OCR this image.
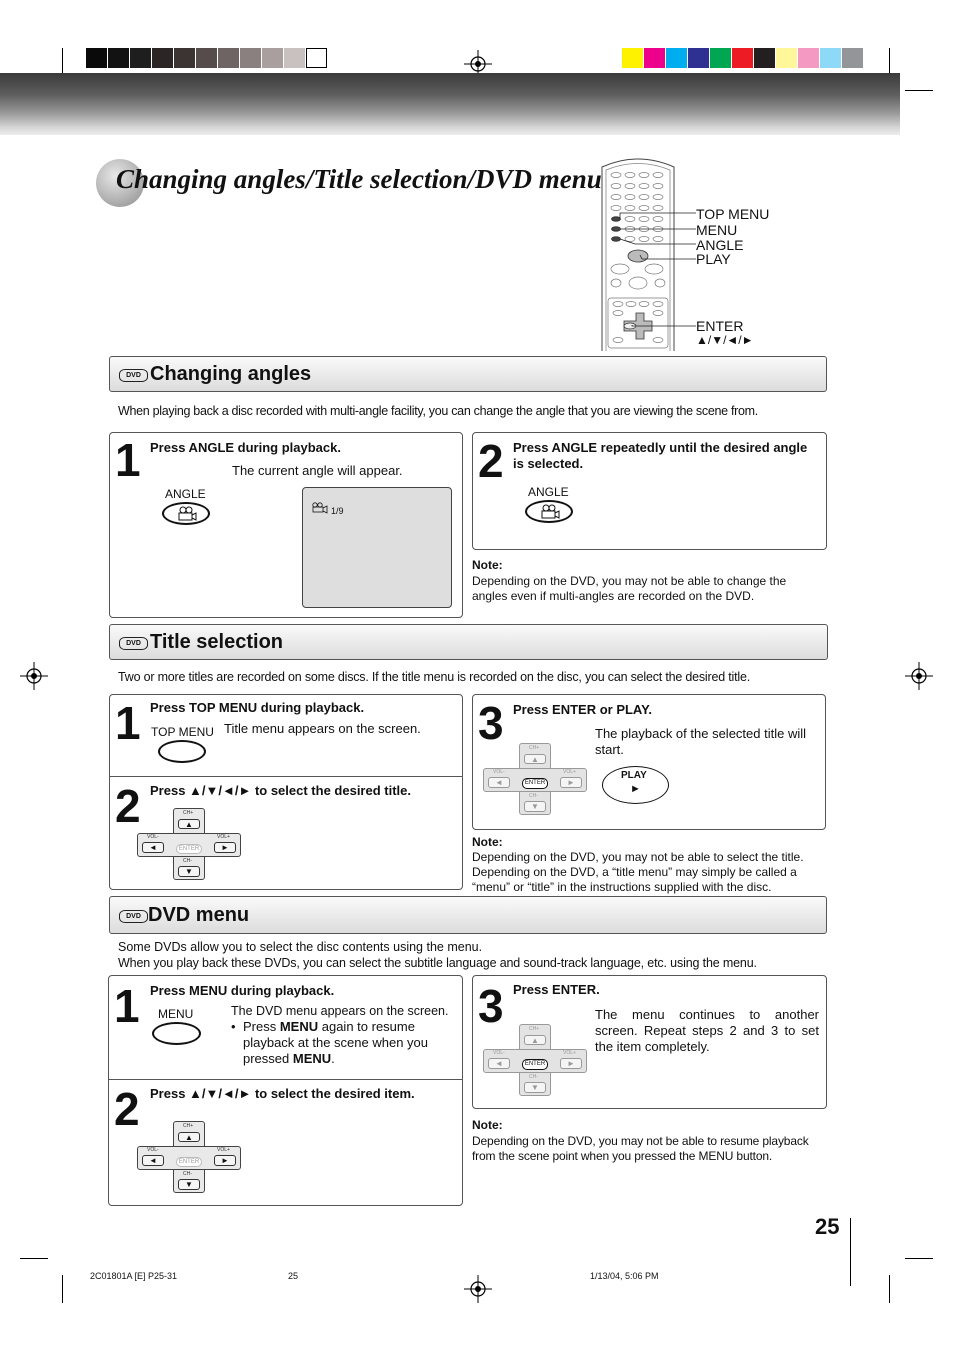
Changing angles/Title selection/DVD menu
TOP MENU
MENU
ANGLE
PLAY
ENTER
▲/▼/◄/►
DVD Changing angles
When playing back a disc recorded with multi-angle facility, you can change the angle that you are viewing the scene from.
1 Press ANGLE during playback.
The current angle will appear.
ANGLE
1/9
2 Press ANGLE repeatedly until the desired angle is selected.
ANGLE
Note:
Depending on the DVD, you may not be able to change the angles even if multi-angles are recorded on the DVD.
DVD Title selection
Two or more titles are recorded on some discs. If the title menu is recorded on the disc, you can select the desired title.
1 Press TOP MENU during playback.
TOP MENU Title menu appears on the screen.
2 Press ▲/▼/◄/► to select the desired title.
CH+
▲
VOL-
◄
VOL+
►
ENTER
CH-
▼
3 Press ENTER or PLAY.
The playback of the selected title will start.
CH+
▲
VOL-
◄
VOL+
►
ENTER
CH-
▼
PLAY
►
Note:
Depending on the DVD, you may not be able to select the title. Depending on the DVD, a “title menu” may simply be called a “menu” or “title” in the instructions supplied with the disc.
DVD DVD menu
Some DVDs allow you to select the disc contents using the menu.
When you play back these DVDs, you can select the subtitle language and sound-track language, etc. using the menu.
1 Press MENU during playback.
MENU	The DVD menu appears on the screen.
• Press MENU again to resume playback at the scene when you pressed MENU.
2 Press ▲/▼/◄/► to select the desired item.
CH+
▲
VOL-
◄
VOL+
►
ENTER
CH-
▼
3 Press ENTER.
The menu continues to another screen. Repeat steps 2 and 3 to set the item completely.
CH+
▲
VOL-
◄
VOL+
►
ENTER
CH-
▼
Note:
Depending on the DVD, you may not be able to resume playback from the scene point when you pressed the MENU button.
25
2C01801A [E] P25-31	25	1/13/04, 5:06 PM
